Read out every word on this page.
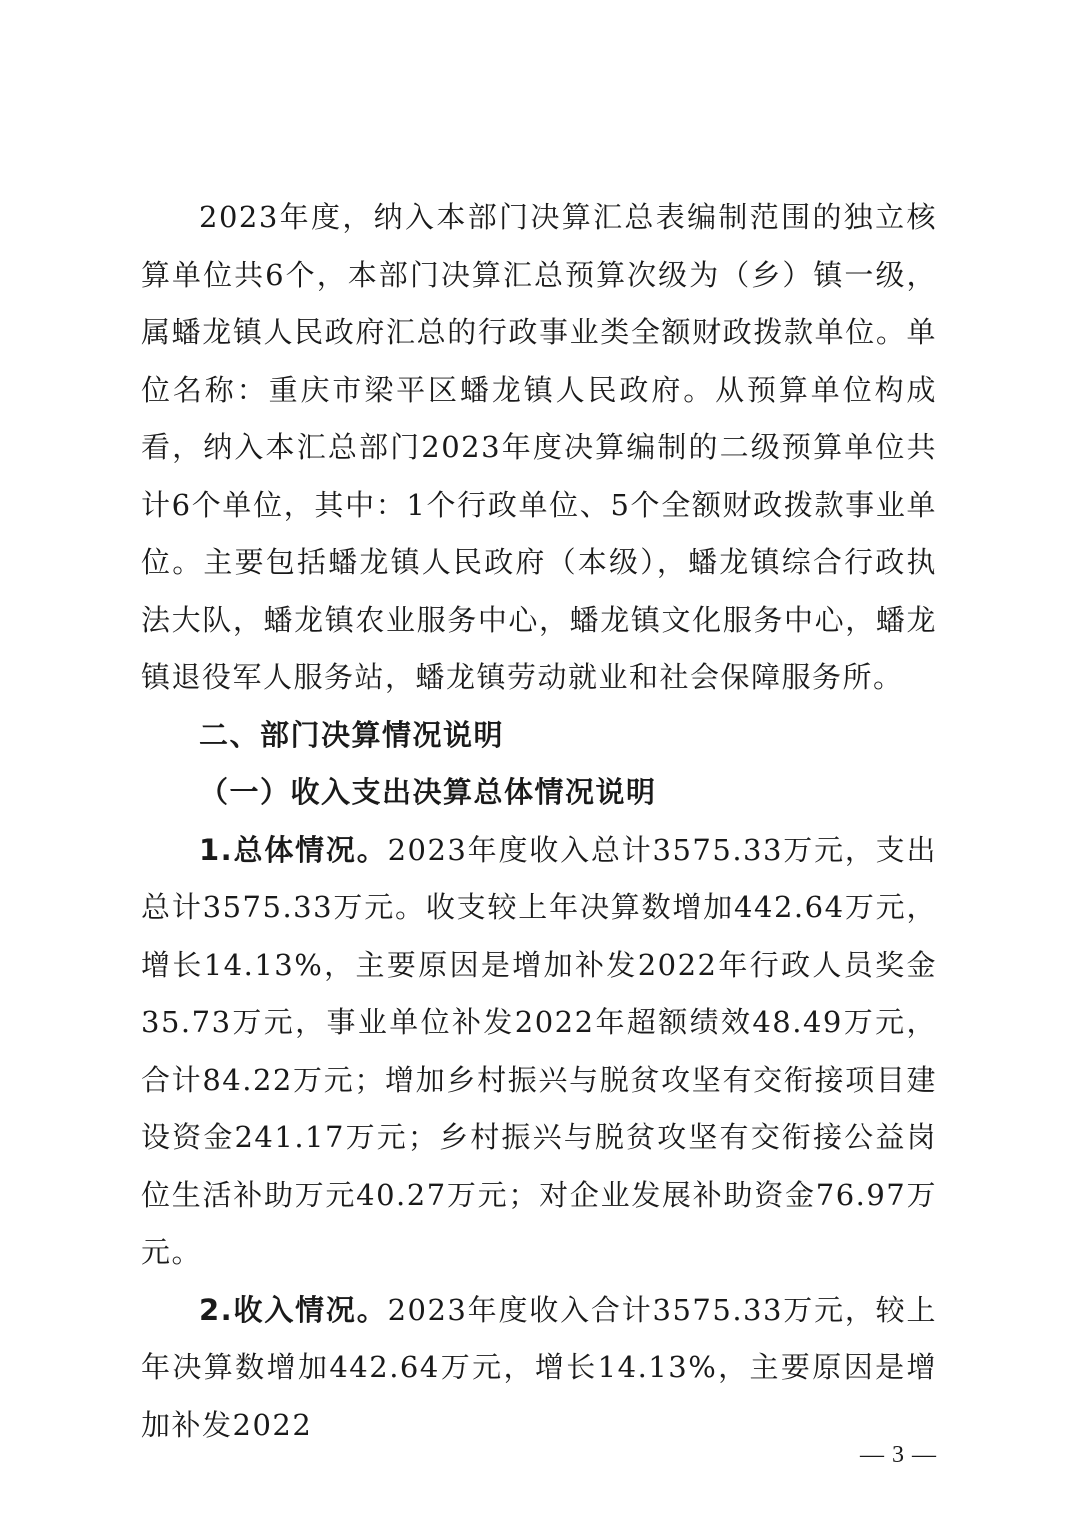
2023年度，纳入本部门决算汇总表编制范围的独立核算单位共6个，本部门决算汇总预算次级为（乡）镇一级，属蟠龙镇人民政府汇总的行政事业类全额财政拨款单位。单位名称：重庆市梁平区蟠龙镇人民政府。从预算单位构成看，纳入本汇总部门2023年度决算编制的二级预算单位共计6个单位，其中：1个行政单位、5个全额财政拨款事业单位。主要包括蟠龙镇人民政府（本级），蟠龙镇综合行政执法大队，蟠龙镇农业服务中心，蟠龙镇文化服务中心，蟠龙镇退役军人服务站，蟠龙镇劳动就业和社会保障服务所。

二、部门决算情况说明

（一）收入支出决算总体情况说明

1.总体情况。2023年度收入总计3575.33万元，支出总计3575.33万元。收支较上年决算数增加442.64万元，增长14.13%，主要原因是增加补发2022年行政人员奖金35.73万元，事业单位补发2022年超额绩效48.49万元，合计84.22万元；增加乡村振兴与脱贫攻坚有交衔接项目建设资金241.17万元；乡村振兴与脱贫攻坚有交衔接公益岗位生活补助万元40.27万元；对企业发展补助资金76.97万元。

2.收入情况。2023年度收入合计3575.33万元，较上年决算数增加442.64万元，增长14.13%，主要原因是增加补发2022

— 3 —
